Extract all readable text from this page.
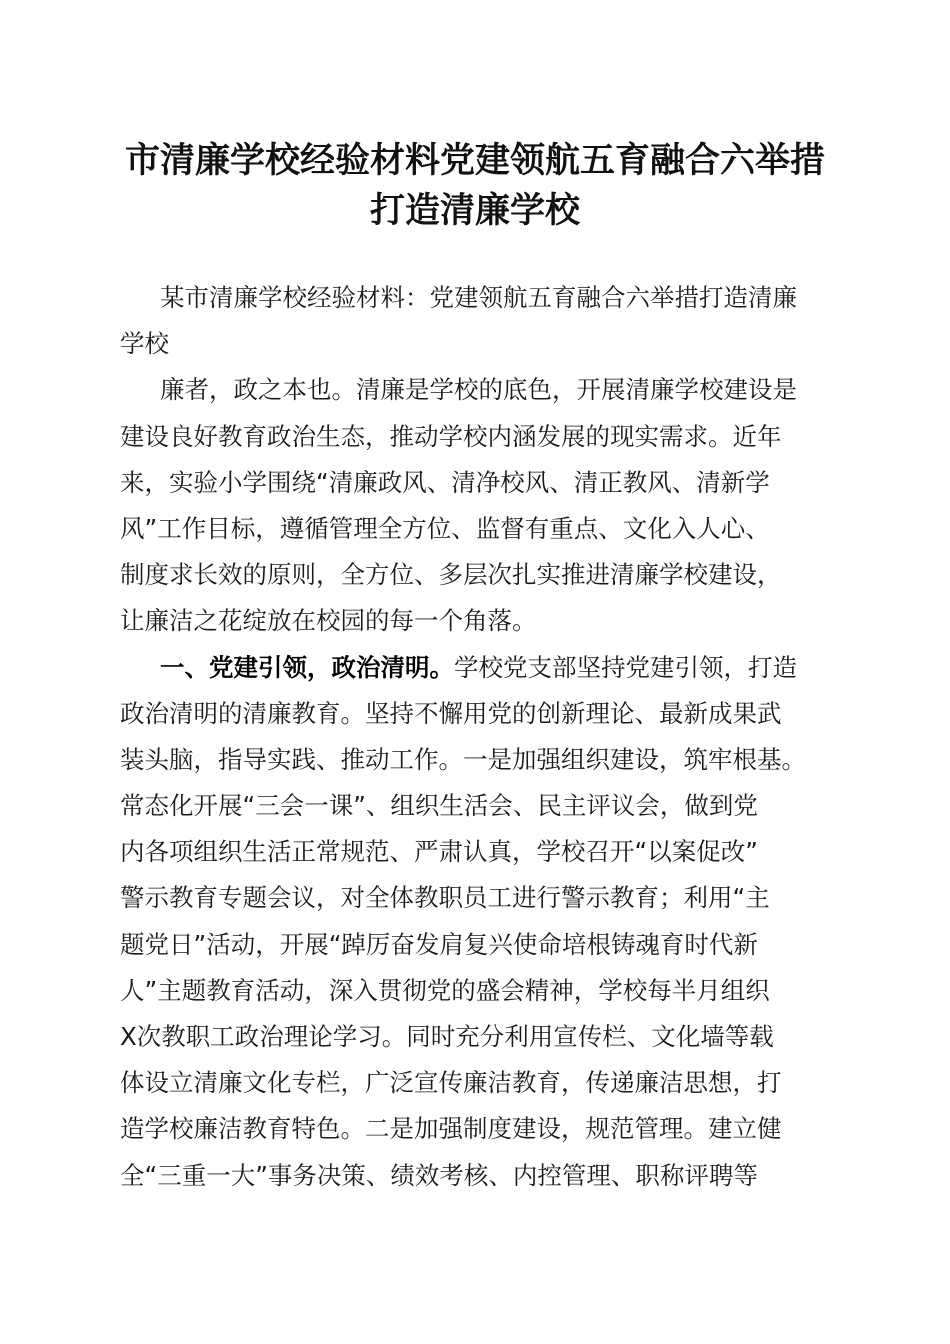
市清廉学校经验材料党建领航五育融合六举措
打造清廉学校
某市清廉学校经验材料：党建领航五育融合六举措打造清廉
学校
廉者，政之本也。清廉是学校的底色，开展清廉学校建设是
建设良好教育政治生态，推动学校内涵发展的现实需求。近年
来，实验小学围绕“清廉政风、清净校风、清正教风、清新学
风”工作目标，遵循管理全方位、监督有重点、文化入人心、
制度求长效的原则，全方位、多层次扎实推进清廉学校建设，
让廉洁之花绽放在校园的每一个角落。
一、党建引领，政治清明。学校党支部坚持党建引领，打造
政治清明的清廉教育。坚持不懈用党的创新理论、最新成果武
装头脑，指导实践、推动工作。一是加强组织建设，筑牢根基。
常态化开展“三会一课”、组织生活会、民主评议会，做到党
内各项组织生活正常规范、严肃认真，学校召开“以案促改”
警示教育专题会议，对全体教职员工进行警示教育；利用“主
题党日”活动，开展“踔厉奋发肩复兴使命培根铸魂育时代新
人”主题教育活动，深入贯彻党的盛会精神，学校每半月组织
X次教职工政治理论学习。同时充分利用宣传栏、文化墙等载
体设立清廉文化专栏，广泛宣传廉洁教育，传递廉洁思想，打
造学校廉洁教育特色。二是加强制度建设，规范管理。建立健
全“三重一大”事务决策、绩效考核、内控管理、职称评聘等
